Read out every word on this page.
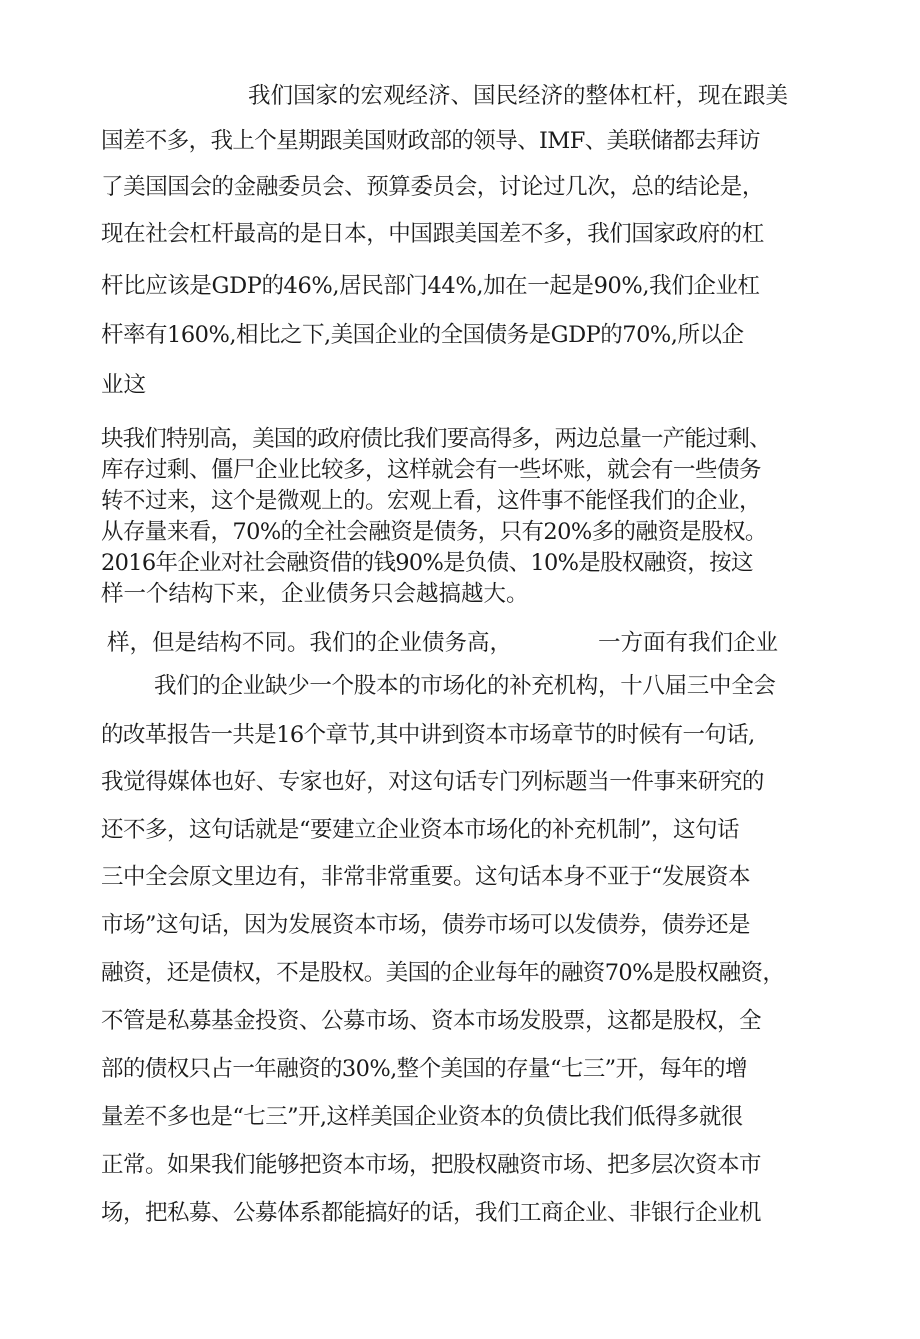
我们国家的宏观经济、国民经济的整体杠杆，现在跟美
国差不多，我上个星期跟美国财政部的领导、IMF、美联储都去拜访
了美国国会的金融委员会、预算委员会，讨论过几次，总的结论是，
现在社会杠杆最高的是日本，中国跟美国差不多，我们国家政府的杠
杆比应该是GDP的46%,居民部门44%,加在一起是90%,我们企业杠
杆率有160%,相比之下,美国企业的全国债务是GDP的70%,所以企
业这
块我们特别高，美国的政府债比我们要高得多，两边总量一产能过剩、
库存过剩、僵尸企业比较多，这样就会有一些坏账，就会有一些债务
转不过来，这个是微观上的。宏观上看，这件事不能怪我们的企业，
从存量来看，70%的全社会融资是债务，只有20%多的融资是股权。
2016年企业对社会融资借的钱90%是负债、10%是股权融资，按这
样一个结构下来，企业债务只会越搞越大。
样，但是结构不同。我们的企业债务高，	一方面有我们企业
我们的企业缺少一个股本的市场化的补充机构，十八届三中全会
的改革报告一共是16个章节,其中讲到资本市场章节的时候有一句话,
我觉得媒体也好、专家也好，对这句话专门列标题当一件事来研究的
还不多，这句话就是“要建立企业资本市场化的补充机制”，这句话
三中全会原文里边有，非常非常重要。这句话本身不亚于“发展资本
市场”这句话，因为发展资本市场，债券市场可以发债券，债券还是
融资，还是债权，不是股权。美国的企业每年的融资70%是股权融资，
不管是私募基金投资、公募市场、资本市场发股票，这都是股权，全
部的债权只占一年融资的30%,整个美国的存量“七三”开，每年的增
量差不多也是“七三”开,这样美国企业资本的负债比我们低得多就很
正常。如果我们能够把资本市场，把股权融资市场、把多层次资本市
场，把私募、公募体系都能搞好的话，我们工商企业、非银行企业机
